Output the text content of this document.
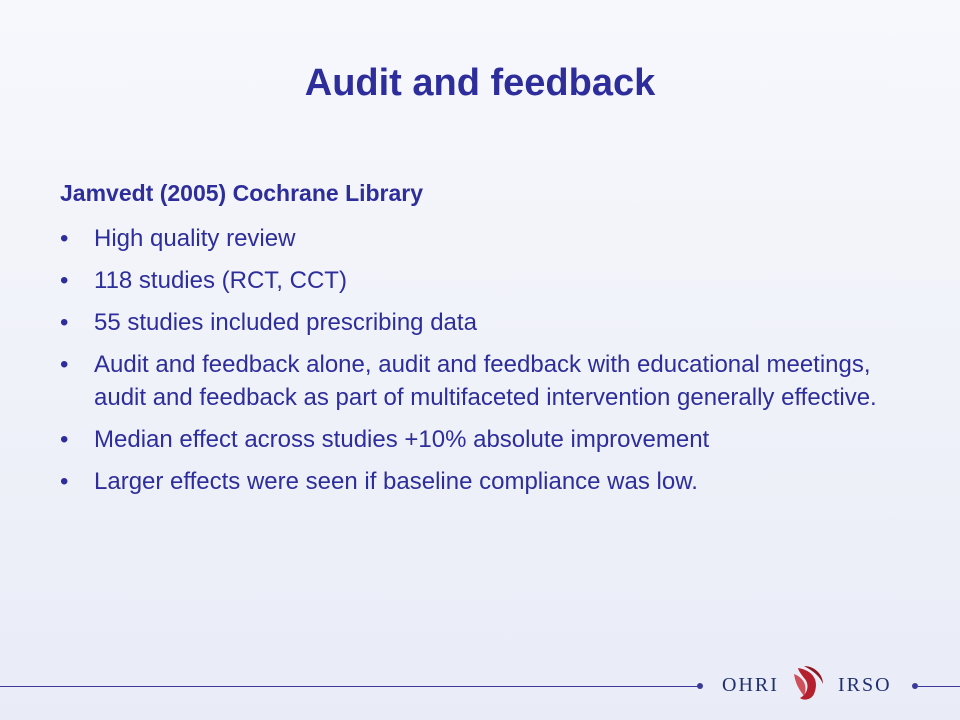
Audit and feedback
Jamvedt (2005) Cochrane Library
• High quality review
• 118 studies (RCT, CCT)
• 55 studies included prescribing data
• Audit and feedback alone, audit and feedback with educational meetings, audit and feedback as part of multifaceted intervention generally effective.
• Median effect across studies +10% absolute improvement
• Larger effects were seen if baseline compliance was low.
OHRI	IRSO
